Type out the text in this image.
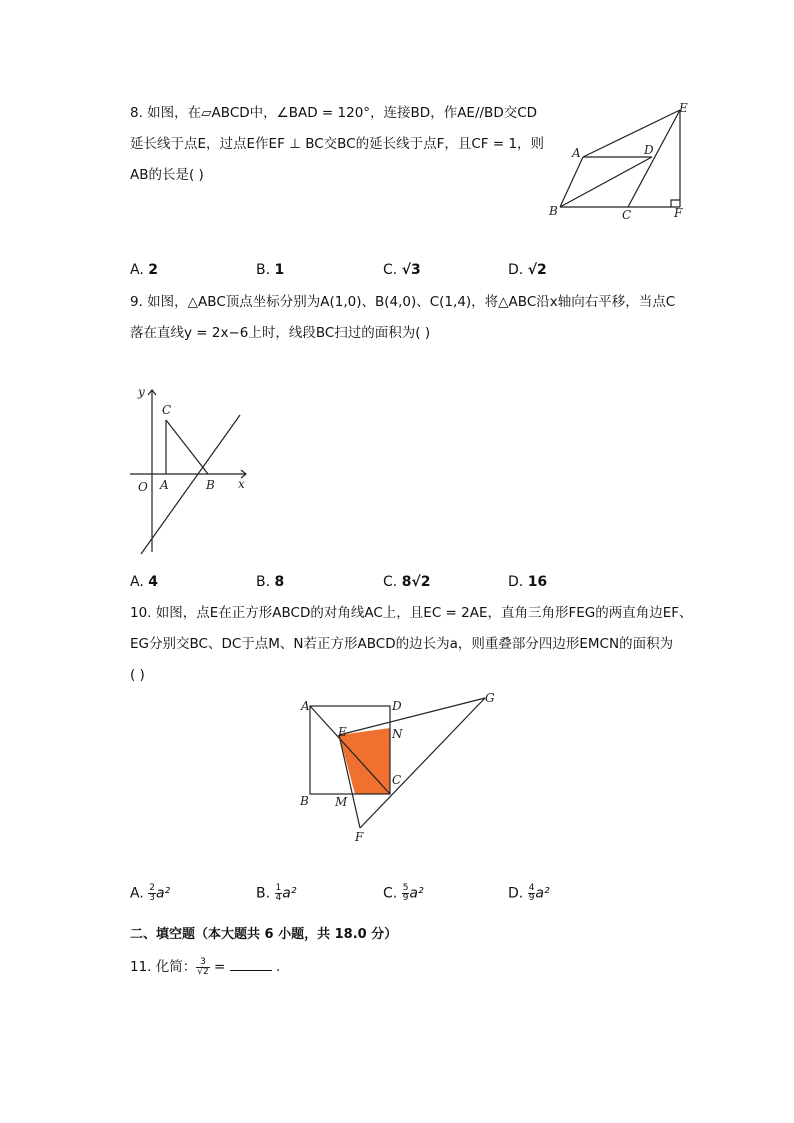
8. 如图，在▱ABCD中，∠BAD = 120°，连接BD，作AE//BD交CD
延长线于点E，过点E作EF ⊥ BC交BC的延长线于点F，且CF = 1，则
AB的长是( )
E
A	D
B	C	F
A. 2	B. 1	C. √3	D. √2
9. 如图，△ABC顶点坐标分别为A(1,0)、B(4,0)、C(1,4)，将△ABC沿x轴向右平移，当点C
落在直线y = 2x−6上时，线段BC扫过的面积为( )
y
x
O A	B
C
A. 4	B. 8	C. 8√2	D. 16
10. 如图，点E在正方形ABCD的对角线AC上，且EC = 2AE，直角三角形FEG的两直角边EF、
EG分别交BC、DC于点M、N若正方形ABCD的边长为a，则重叠部分四边形EMCN的面积为
( )
A	D
G
E	N
C
B M
F
A. $\frac{2}{3} a^2$	B. $\frac{1}{4} a^2$	C. $\frac{5}{9} a^2$	D. $\frac{4}{9} a^2$
二、填空题（本大题共 6 小题，共 18.0 分）
11. 化简： $\frac{3}{√2}$ =	.
